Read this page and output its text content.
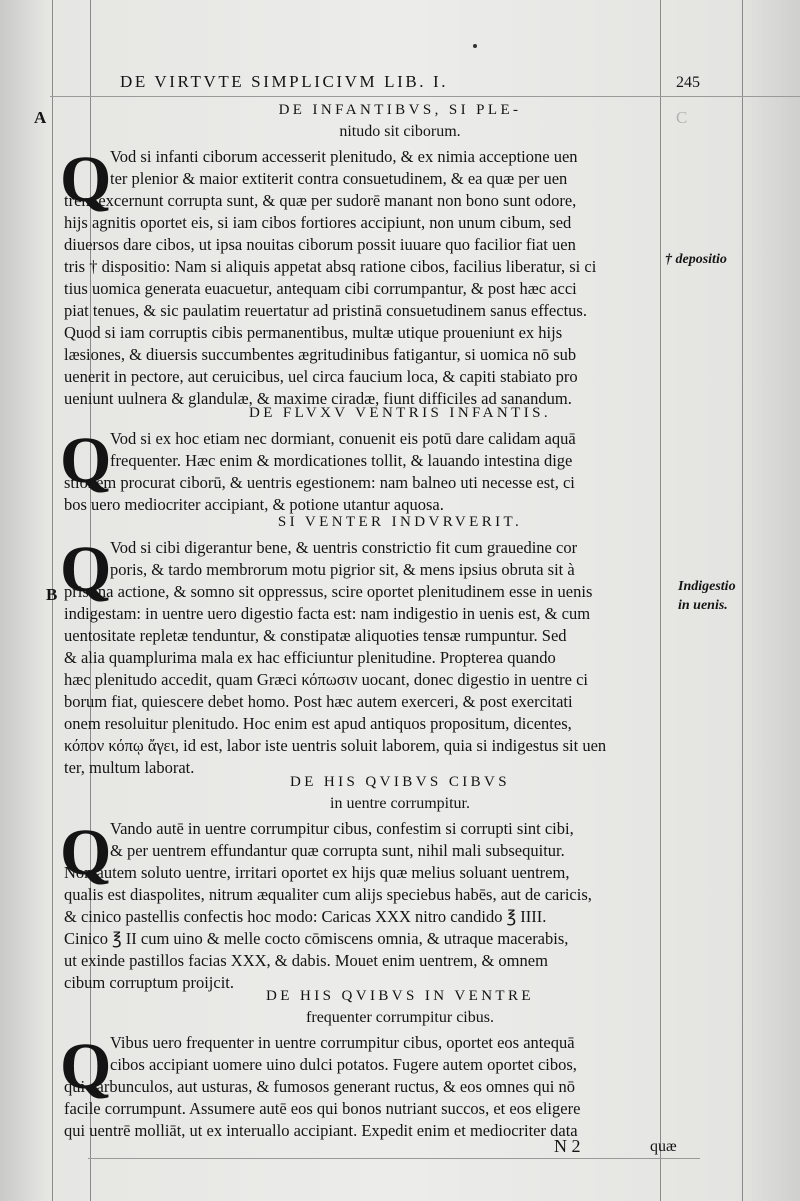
DE VIRTVTE SIMPLICIVM LIB. I.	245
A
B
C
† depositio
Indigestio
in uenis.
DE INFANTIBVS, SI PLE-
nitudo sit ciborum.
Q
Vod si infanti ciborum accesserit plenitudo, & ex nimia acceptione uen
ter plenior & maior extiterit contra consuetudinem, & ea quæ per uen
trem excernunt corrupta sunt, & quæ per sudorē manant non bono sunt odore,
hijs agnitis oportet eis, si iam cibos fortiores accipiunt, non unum cibum, sed
diuersos dare cibos, ut ipsa nouitas ciborum possit iuuare quo facilior fiat uen
tris † dispositio: Nam si aliquis appetat absq ratione cibos, facilius liberatur, si ci
tius uomica generata euacuetur, antequam cibi corrumpantur, & post hæc acci
piat tenues, & sic paulatim reuertatur ad pristinā consuetudinem sanus effectus.
Quod si iam corruptis cibis permanentibus, multæ utique proueniunt ex hijs
læsiones, & diuersis succumbentes ægritudinibus fatigantur, si uomica nō sub
uenerit in pectore, aut ceruicibus, uel circa faucium loca, & capiti stabiato pro
ueniunt uulnera & glandulæ, & maxime ciradæ, fiunt difficiles ad sanandum.
DE FLVXV VENTRIS INFANTIS.
Q
Vod si ex hoc etiam nec dormiant, conuenit eis potū dare calidam aquā
frequenter. Hæc enim & mordicationes tollit, & lauando intestina dige
stionem procurat ciborū, & uentris egestionem: nam balneo uti necesse est, ci
bos uero mediocriter accipiant, & potione utantur aquosa.
SI VENTER INDVRVERIT.
Q
Vod si cibi digerantur bene, & uentris constrictio fit cum grauedine cor
poris, & tardo membrorum motu pigrior sit, & mens ipsius obruta sit à
pristina actione, & somno sit oppressus, scire oportet plenitudinem esse in uenis
indigestam: in uentre uero digestio facta est: nam indigestio in uenis est, & cum
uentositate repletæ tenduntur, & constipatæ aliquoties tensæ rumpuntur. Sed
& alia quamplurima mala ex hac efficiuntur plenitudine. Propterea quando
hæc plenitudo accedit, quam Græci κόπωσιν uocant, donec digestio in uentre ci
borum fiat, quiescere debet homo. Post hæc autem exerceri, & post exercitati
onem resoluitur plenitudo. Hoc enim est apud antiquos propositum, dicentes,
κόπον κόπῳ ἄγει, id est, labor iste uentris soluit laborem, quia si indigestus sit uen
ter, multum laborat.
DE HIS QVIBVS CIBVS
in uentre corrumpitur.
Q
Vando autē in uentre corrumpitur cibus, confestim si corrupti sint cibi,
& per uentrem effundantur quæ corrupta sunt, nihil mali subsequitur.
Non autem soluto uentre, irritari oportet ex hijs quæ melius soluant uentrem,
qualis est diaspolites, nitrum æqualiter cum alijs speciebus habēs, aut de caricis,
& cinico pastellis confectis hoc modo: Caricas XXX nitro candido ℥ IIII.
Cinico ℥ II cum uino & melle cocto cōmiscens omnia, & utraque macerabis,
ut exinde pastillos facias XXX, & dabis. Mouet enim uentrem, & omnem
cibum corruptum proijcit.
DE HIS QVIBVS IN VENTRE
frequenter corrumpitur cibus.
Q
Vibus uero frequenter in uentre corrumpitur cibus, oportet eos antequā
cibos accipiant uomere uino dulci potatos. Fugere autem oportet cibos,
qui carbunculos, aut usturas, & fumosos generant ructus, & eos omnes qui nō
facile corrumpunt. Assumere autē eos qui bonos nutriant succos, et eos eligere
qui uentrē molliāt, ut ex interuallo accipiant. Expedit enim et mediocriter data
N 2	quæ
